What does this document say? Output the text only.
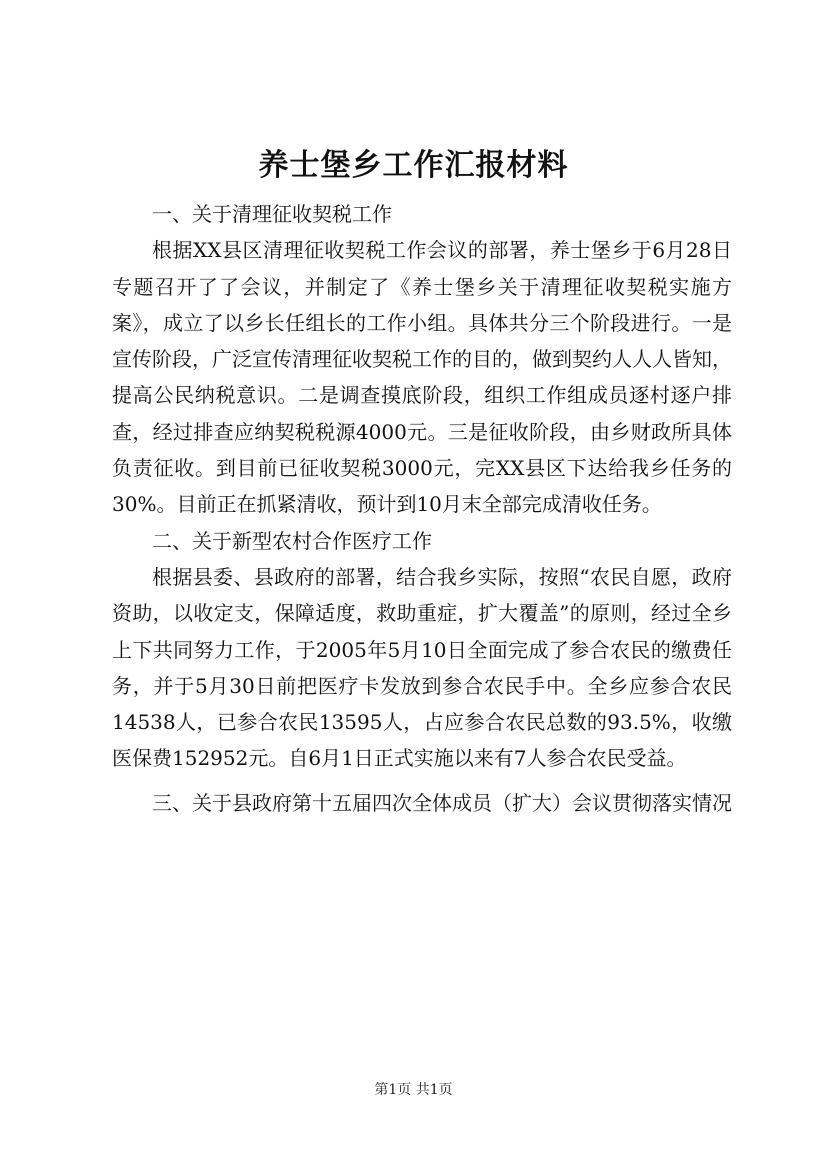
养士堡乡工作汇报材料

一、关于清理征收契税工作

根据XX县区清理征收契税工作会议的部署，养士堡乡于6月28日专题召开了了会议，并制定了《养士堡乡关于清理征收契税实施方案》，成立了以乡长任组长的工作小组。具体共分三个阶段进行。一是宣传阶段，广泛宣传清理征收契税工作的目的，做到契约人人人皆知，提高公民纳税意识。二是调查摸底阶段，组织工作组成员逐村逐户排查，经过排查应纳契税税源4000元。三是征收阶段，由乡财政所具体负责征收。到目前已征收契税3000元，完XX县区下达给我乡任务的30%。目前正在抓紧清收，预计到10月末全部完成清收任务。

二、关于新型农村合作医疗工作

根据县委、县政府的部署，结合我乡实际，按照“农民自愿，政府资助，以收定支，保障适度，救助重症，扩大覆盖”的原则，经过全乡上下共同努力工作，于2005年5月10日全面完成了参合农民的缴费任务，并于5月30日前把医疗卡发放到参合农民手中。全乡应参合农民14538人，已参合农民13595人，占应参合农民总数的93.5%，收缴医保费152952元。自6月1日正式实施以来有7人参合农民受益。

三、关于县政府第十五届四次全体成员（扩大）会议贯彻落实情况

第1页 共1页
